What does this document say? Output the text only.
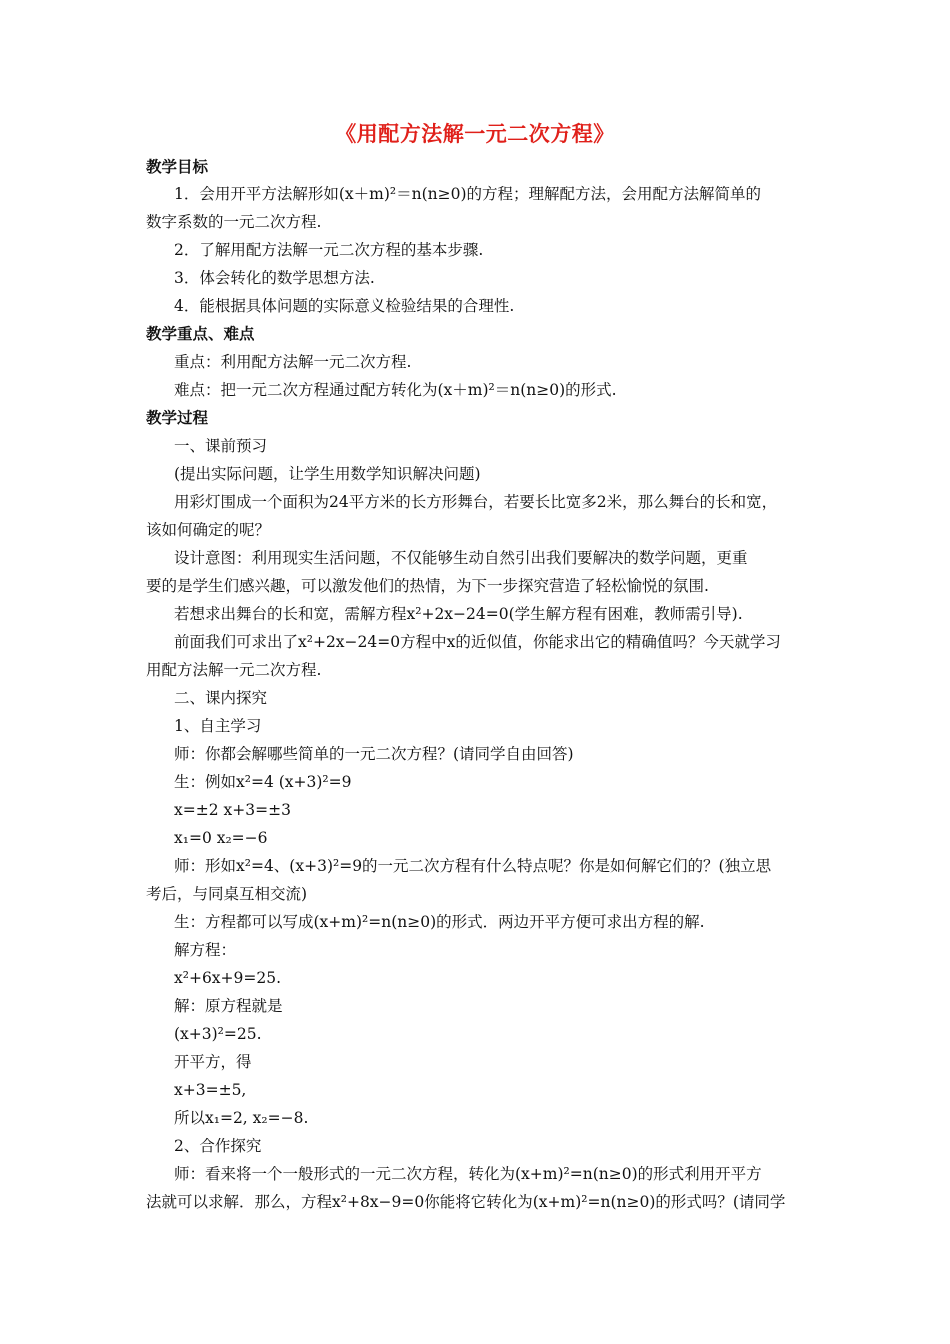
《用配方法解一元二次方程》
教学目标
1．会用开平方法解形如(x＋m)²＝n(n≥0)的方程；理解配方法，会用配方法解简单的
数字系数的一元二次方程.
2．了解用配方法解一元二次方程的基本步骤.
3．体会转化的数学思想方法.
4．能根据具体问题的实际意义检验结果的合理性.
教学重点、难点
重点：利用配方法解一元二次方程.
难点：把一元二次方程通过配方转化为(x＋m)²＝n(n≥0)的形式.
教学过程
一、课前预习
(提出实际问题，让学生用数学知识解决问题)
用彩灯围成一个面积为24平方米的长方形舞台，若要长比宽多2米，那么舞台的长和宽，
该如何确定的呢？
设计意图：利用现实生活问题，不仅能够生动自然引出我们要解决的数学问题，更重
要的是学生们感兴趣，可以激发他们的热情，为下一步探究营造了轻松愉悦的氛围.
若想求出舞台的长和宽，需解方程x²+2x−24=0(学生解方程有困难，教师需引导).
前面我们可求出了x²+2x−24=0方程中x的近似值，你能求出它的精确值吗？今天就学习
用配方法解一元二次方程.
二、课内探究
1、自主学习
师：你都会解哪些简单的一元二次方程？(请同学自由回答)
生：例如x²=4 (x+3)²=9
x=±2 x+3=±3
x₁=0 x₂=−6
师：形如x²=4、(x+3)²=9的一元二次方程有什么特点呢？你是如何解它们的？(独立思
考后，与同桌互相交流)
生：方程都可以写成(x+m)²=n(n≥0)的形式．两边开平方便可求出方程的解.
解方程：
x²+6x+9=25.
解：原方程就是
(x+3)²=25.
开平方，得
x+3=±5,
所以x₁=2, x₂=−8.
2、合作探究
师：看来将一个一般形式的一元二次方程，转化为(x+m)²=n(n≥0)的形式利用开平方
法就可以求解．那么，方程x²+8x−9=0你能将它转化为(x+m)²=n(n≥0)的形式吗？(请同学
